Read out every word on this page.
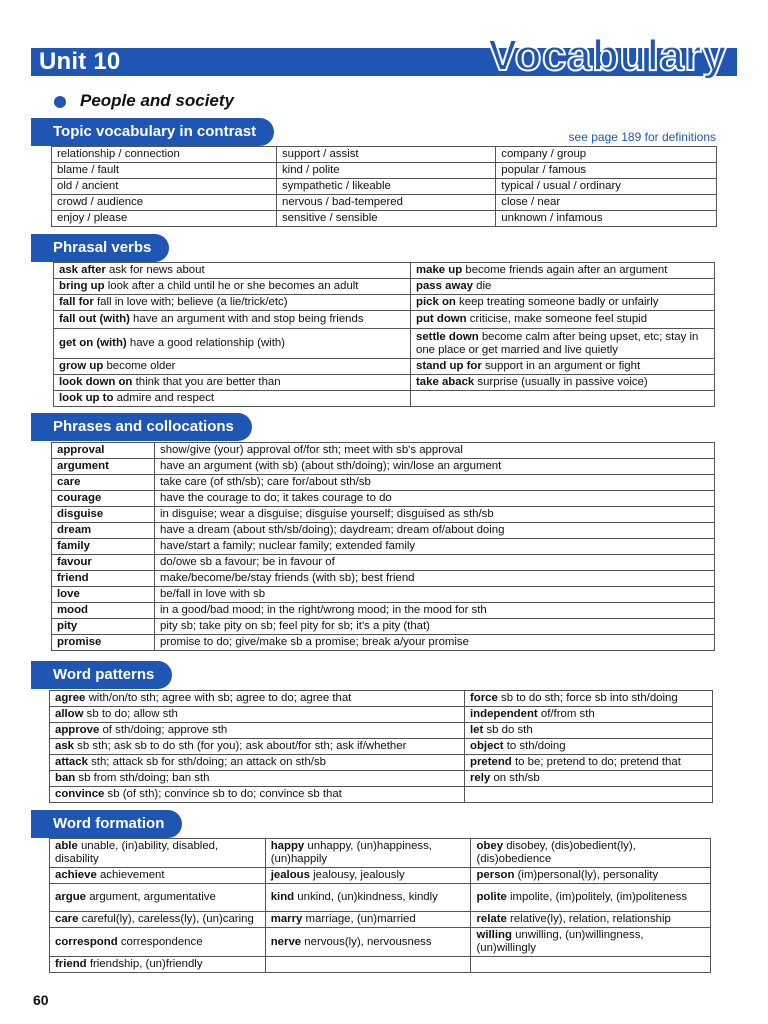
Unit 10	Vocabulary
People and society
Topic vocabulary in contrast	see page 189 for definitions
relationship / connection	support / assist	company / group
blame / fault	kind / polite	popular / famous
old / ancient	sympathetic / likeable	typical / usual / ordinary
crowd / audience	nervous / bad-tempered	close / near
enjoy / please	sensitive / sensible	unknown / infamous
Phrasal verbs
ask after ask for news about	make up become friends again after an argument
bring up look after a child until he or she becomes an adult	pass away die
fall for fall in love with; believe (a lie/trick/etc)	pick on keep treating someone badly or unfairly
fall out (with) have an argument with and stop being friends	put down criticise, make someone feel stupid
get on (with) have a good relationship (with)	settle down become calm after being upset, etc; stay in one place or get married and live quietly
grow up become older	stand up for support in an argument or fight
look down on think that you are better than	take aback surprise (usually in passive voice)
look up to admire and respect	
Phrases and collocations
approval	show/give (your) approval of/for sth; meet with sb's approval
argument	have an argument (with sb) (about sth/doing); win/lose an argument
care	take care (of sth/sb); care for/about sth/sb
courage	have the courage to do; it takes courage to do
disguise	in disguise; wear a disguise; disguise yourself; disguised as sth/sb
dream	have a dream (about sth/sb/doing); daydream; dream of/about doing
family	have/start a family; nuclear family; extended family
favour	do/owe sb a favour; be in favour of
friend	make/become/be/stay friends (with sb); best friend
love	be/fall in love with sb
mood	in a good/bad mood; in the right/wrong mood; in the mood for sth
pity	pity sb; take pity on sb; feel pity for sb; it's a pity (that)
promise	promise to do; give/make sb a promise; break a/your promise
Word patterns
agree with/on/to sth; agree with sb; agree to do; agree that	force sb to do sth; force sb into sth/doing
allow sb to do; allow sth	independent of/from sth
approve of sth/doing; approve sth	let sb do sth
ask sb sth; ask sb to do sth (for you); ask about/for sth; ask if/whether	object to sth/doing
attack sth; attack sb for sth/doing; an attack on sth/sb	pretend to be; pretend to do; pretend that
ban sb from sth/doing; ban sth	rely on sth/sb
convince sb (of sth); convince sb to do; convince sb that	
Word formation
able unable, (in)ability, disabled, disability	happy unhappy, (un)happiness, (un)happily	obey disobey, (dis)obedient(ly), (dis)obedience
achieve achievement	jealous jealousy, jealously	person (im)personal(ly), personality
argue argument, argumentative	kind unkind, (un)kindness, kindly	polite impolite, (im)politely, (im)politeness
care careful(ly), careless(ly), (un)caring	marry marriage, (un)married	relate relative(ly), relation, relationship
correspond correspondence	nerve nervous(ly), nervousness	willing unwilling, (un)willingness, (un)willingly
friend friendship, (un)friendly		
60
